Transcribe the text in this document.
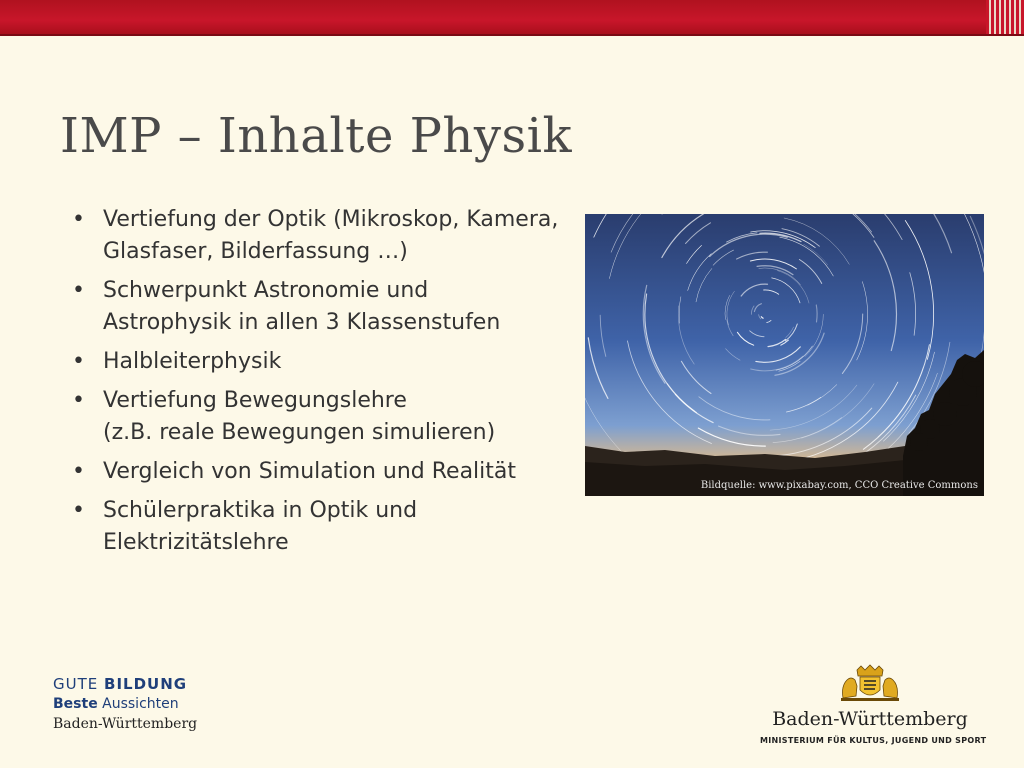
IMP – Inhalte Physik
• Vertiefung der Optik (Mikroskop, Kamera, Glasfaser, Bilderfassung …)
• Schwerpunkt Astronomie und Astrophysik in allen 3 Klassenstufen
• Halbleiterphysik
• Vertiefung Bewegungslehre
(z.B. reale Bewegungen simulieren)
• Vergleich von Simulation und Realität
• Schülerpraktika in Optik und Elektrizitätslehre
Bildquelle: www.pixabay.com, CCO Creative Commons
GUTE BILDUNG
Beste Aussichten
Baden-Württemberg	Baden-Württemberg
MINISTERIUM FÜR KULTUS, JUGEND UND SPORT
